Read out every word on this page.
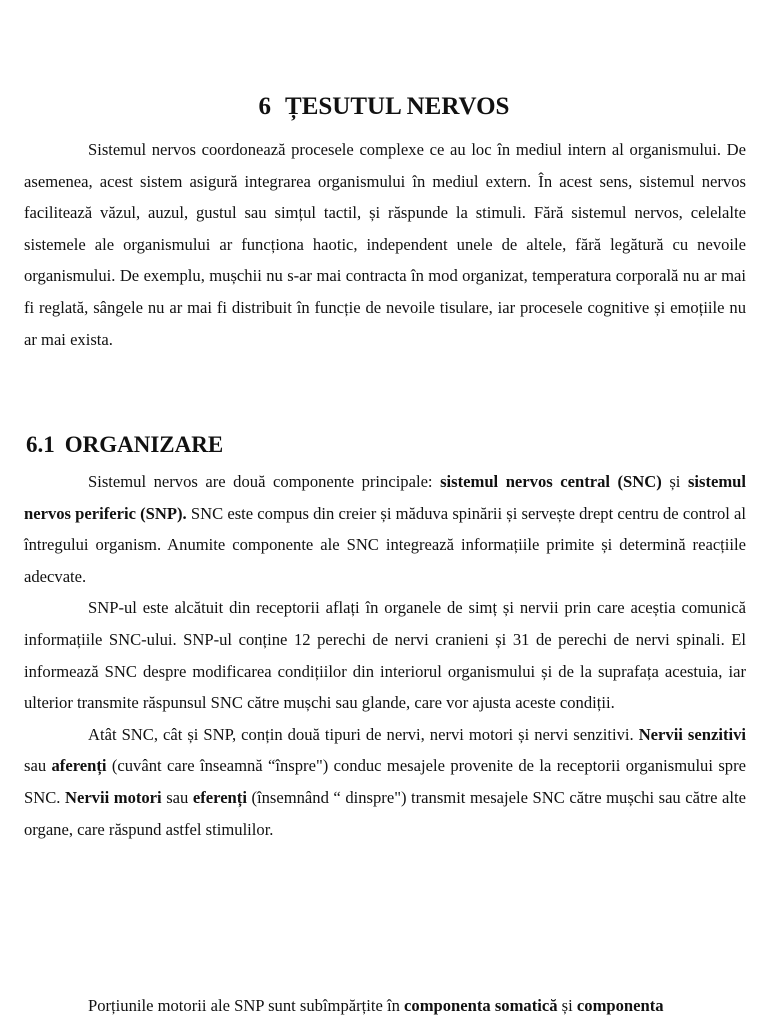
6 ȚESUTUL NERVOS

Sistemul nervos coordonează procesele complexe ce au loc în mediul intern al organismului. De asemenea, acest sistem asigură integrarea organismului în mediul extern. În acest sens, sistemul nervos facilitează văzul, auzul, gustul sau simțul tactil, și răspunde la stimuli. Fără sistemul nervos, celelalte sistemele ale organismului ar funcționa haotic, independent unele de altele, fără legătură cu nevoile organismului. De exemplu, mușchii nu s-ar mai contracta în mod organizat, temperatura corporală nu ar mai fi reglată, sângele nu ar mai fi distribuit în funcție de nevoile tisulare, iar procesele cognitive și emoțiile nu ar mai exista.

6.1 ORGANIZARE

Sistemul nervos are două componente principale: sistemul nervos central (SNC) și sistemul nervos periferic (SNP). SNC este compus din creier și măduva spinării și servește drept centru de control al întregului organism. Anumite componente ale SNC integrează informațiile primite și determină reacțiile adecvate.

SNP-ul este alcătuit din receptorii aflați în organele de simț și nervii prin care aceștia comunică informațiile SNC-ului. SNP-ul conține 12 perechi de nervi cranieni și 31 de perechi de nervi spinali. El informează SNC despre modificarea condițiilor din interiorul organismului și de la suprafața acestuia, iar ulterior transmite răspunsul SNC către mușchi sau glande, care vor ajusta aceste condiții.

Atât SNC, cât și SNP, conțin două tipuri de nervi, nervi motori și nervi senzitivi. Nervii senzitivi sau aferenți (cuvânt care înseamnă “înspre") conduc mesajele provenite de la receptorii organismului spre SNC. Nervii motori sau eferenți (însemnând “ dinspre") transmit mesajele SNC către mușchi sau către alte organe, care răspund astfel stimulilor.

Porțiunile motorii ale SNP sunt subîmpărțite în componenta somatică și componenta
